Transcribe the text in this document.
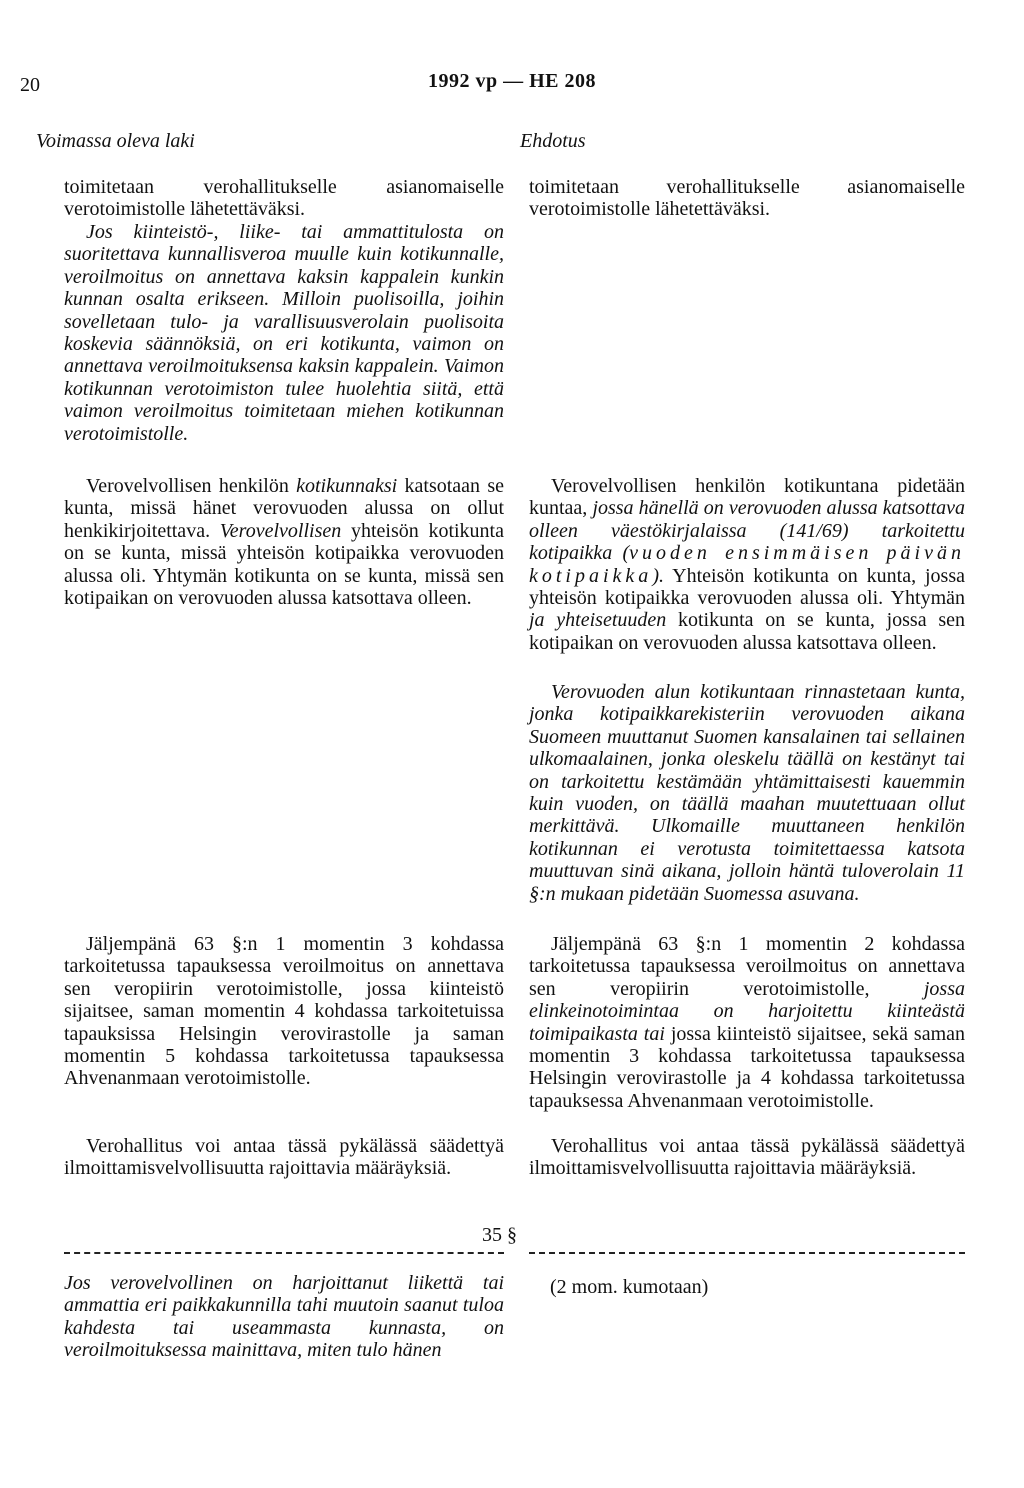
20	1992 vp — HE 208
Voimassa oleva laki	Ehdotus

toimitetaan verohallitukselle asianomaiselle verotoimistolle lähetettäväksi.

Jos kiinteistö-, liike- tai ammattitulosta on suoritettava kunnallisveroa muulle kuin kotikunnalle, veroilmoitus on annettava kaksin kappalein kunkin kunnan osalta erikseen. Milloin puolisoilla, joihin sovelletaan tulo- ja varallisuusverolain puolisoita koskevia säännöksiä, on eri kotikunta, vaimon on annettava veroilmoituksensa kaksin kappalein. Vaimon kotikunnan verotoimiston tulee huolehtia siitä, että vaimon veroilmoitus toimitetaan miehen kotikunnan verotoimistolle.

Verovelvollisen henkilön kotikunnaksi katsotaan se kunta, missä hänet verovuoden alussa on ollut henkikirjoitettava. Verovelvollisen yhteisön kotikunta on se kunta, missä yhteisön kotipaikka verovuoden alussa oli. Yhtymän kotikunta on se kunta, missä sen kotipaikan on verovuoden alussa katsottava olleen.

Jäljempänä 63 §:n 1 momentin 3 kohdassa tarkoitetussa tapauksessa veroilmoitus on annettava sen veropiirin verotoimistolle, jossa kiinteistö sijaitsee, saman momentin 4 kohdassa tarkoitetuissa tapauksissa Helsingin verovirastolle ja saman momentin 5 kohdassa tarkoitetussa tapauksessa Ahvenanmaan verotoimistolle.

Verohallitus voi antaa tässä pykälässä säädettyä ilmoittamisvelvollisuutta rajoittavia määräyksiä.

toimitetaan verohallitukselle asianomaiselle verotoimistolle lähetettäväksi.

Verovelvollisen henkilön kotikuntana pidetään kuntaa, jossa hänellä on verovuoden alussa katsottava olleen väestökirjalaissa (141/69) tarkoitettu kotipaikka (vuoden ensimmäisen päivän kotipaikka). Yhteisön kotikunta on kunta, jossa yhteisön kotipaikka verovuoden alussa oli. Yhtymän ja yhteisetuuden kotikunta on se kunta, jossa sen kotipaikan on verovuoden alussa katsottava olleen.

Verovuoden alun kotikuntaan rinnastetaan kunta, jonka kotipaikkarekisteriin verovuoden aikana Suomeen muuttanut Suomen kansalainen tai sellainen ulkomaalainen, jonka oleskelu täällä on kestänyt tai on tarkoitettu kestämään yhtämittaisesti kauemmin kuin vuoden, on täällä maahan muutettuaan ollut merkittävä. Ulkomaille muuttaneen henkilön kotikunnan ei verotusta toimitettaessa katsota muuttuvan sinä aikana, jolloin häntä tuloverolain 11 §:n mukaan pidetään Suomessa asuvana.

Jäljempänä 63 §:n 1 momentin 2 kohdassa tarkoitetussa tapauksessa veroilmoitus on annettava sen veropiirin verotoimistolle, jossa elinkeinotoimintaa on harjoitettu kiinteästä toimipaikasta tai jossa kiinteistö sijaitsee, sekä saman momentin 3 kohdassa tarkoitetussa tapauksessa Helsingin verovirastolle ja 4 kohdassa tarkoitetussa tapauksessa Ahvenanmaan verotoimistolle.

Verohallitus voi antaa tässä pykälässä säädettyä ilmoittamisvelvollisuutta rajoittavia määräyksiä.

35 §
Jos verovelvollinen on harjoittanut liikettä tai ammattia eri paikkakunnilla tahi muutoin saanut tuloa kahdesta tai useammasta kunnasta, on veroilmoituksessa mainittava, miten tulo hänen
(2 mom. kumotaan)
